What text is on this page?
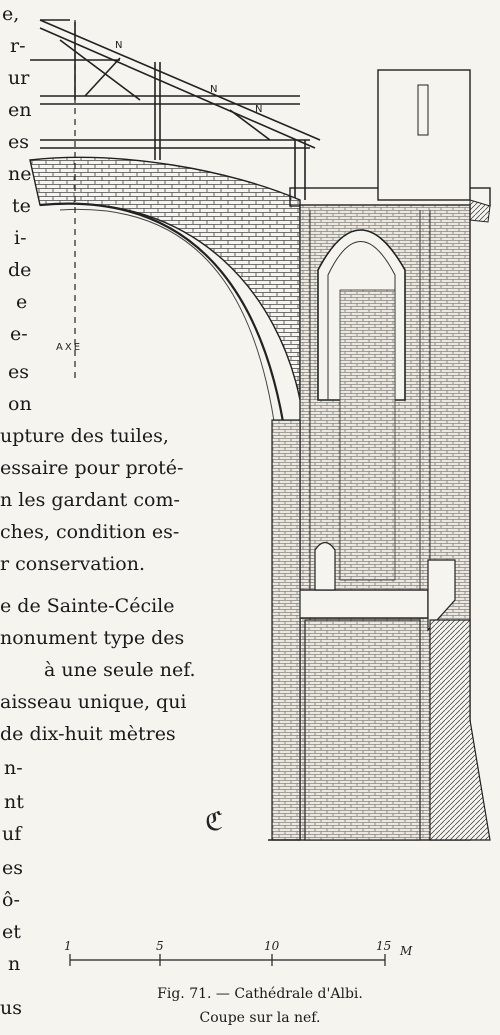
e,
r-
ur
en
es
ne
te
i-
de
e
e-
es
on
upture des tuiles,
essaire pour proté-
n les gardant com-
ches, condition es-
r conservation.
e de Sainte-Cécile
nonument type des
à une seule nef.
aisseau unique, qui
de dix-huit mètres
n-
nt
uf
es
ô-
et
n
us
N
N
N
AXE
ℭ
1	5	10	15 M
Fig. 71. — Cathédrale d'Albi.
Coupe sur la nef.
